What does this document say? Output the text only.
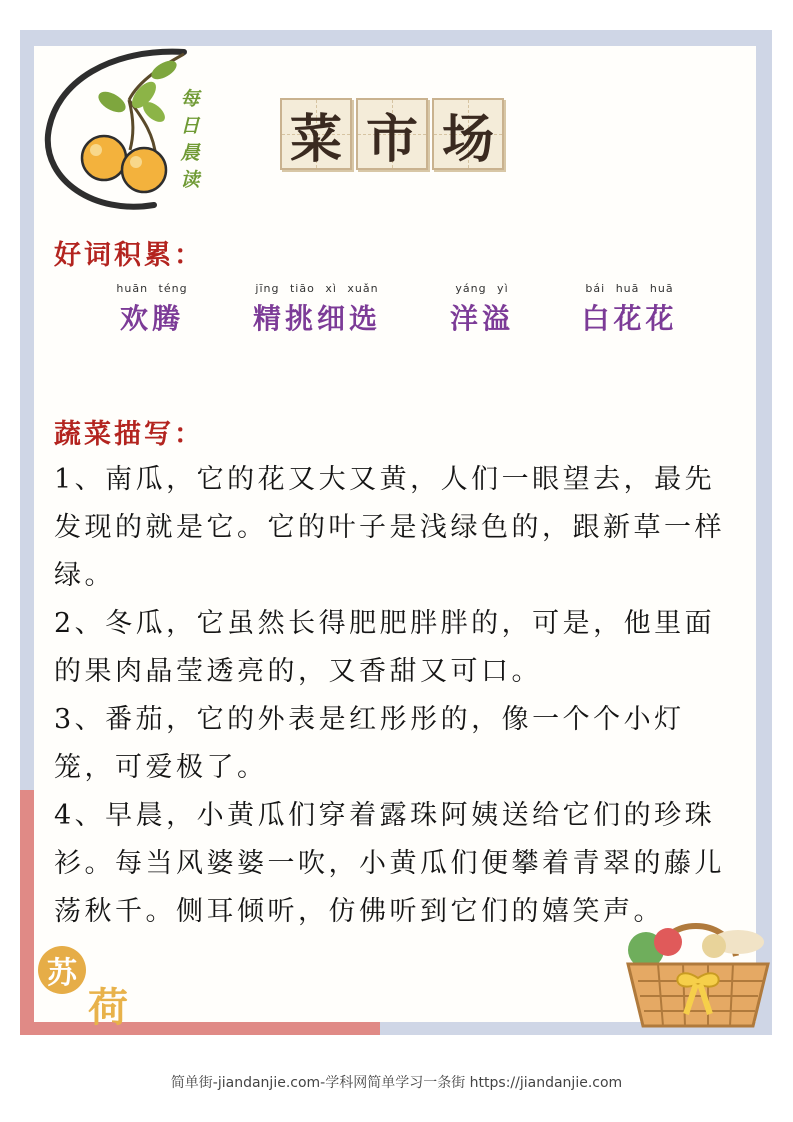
每日晨读
菜 市 场
好词积累：
huān téng
欢腾
jīng tiāo xì xuǎn
精挑细选
yáng yì
洋溢
bái huā huā
白花花
蔬菜描写：
1、南瓜，它的花又大又黄，人们一眼望去，最先发现的就是它。它的叶子是浅绿色的，跟新草一样绿。
2、冬瓜，它虽然长得肥肥胖胖的，可是，他里面的果肉晶莹透亮的，又香甜又可口。
3、番茄，它的外表是红彤彤的，像一个个小灯笼，可爱极了。
4、早晨，小黄瓜们穿着露珠阿姨送给它们的珍珠衫。每当风婆婆一吹，小黄瓜们便攀着青翠的藤儿荡秋千。侧耳倾听，仿佛听到它们的嬉笑声。
苏
荷
简单街-jiandanjie.com-学科网简单学习一条街 https://jiandanjie.com
